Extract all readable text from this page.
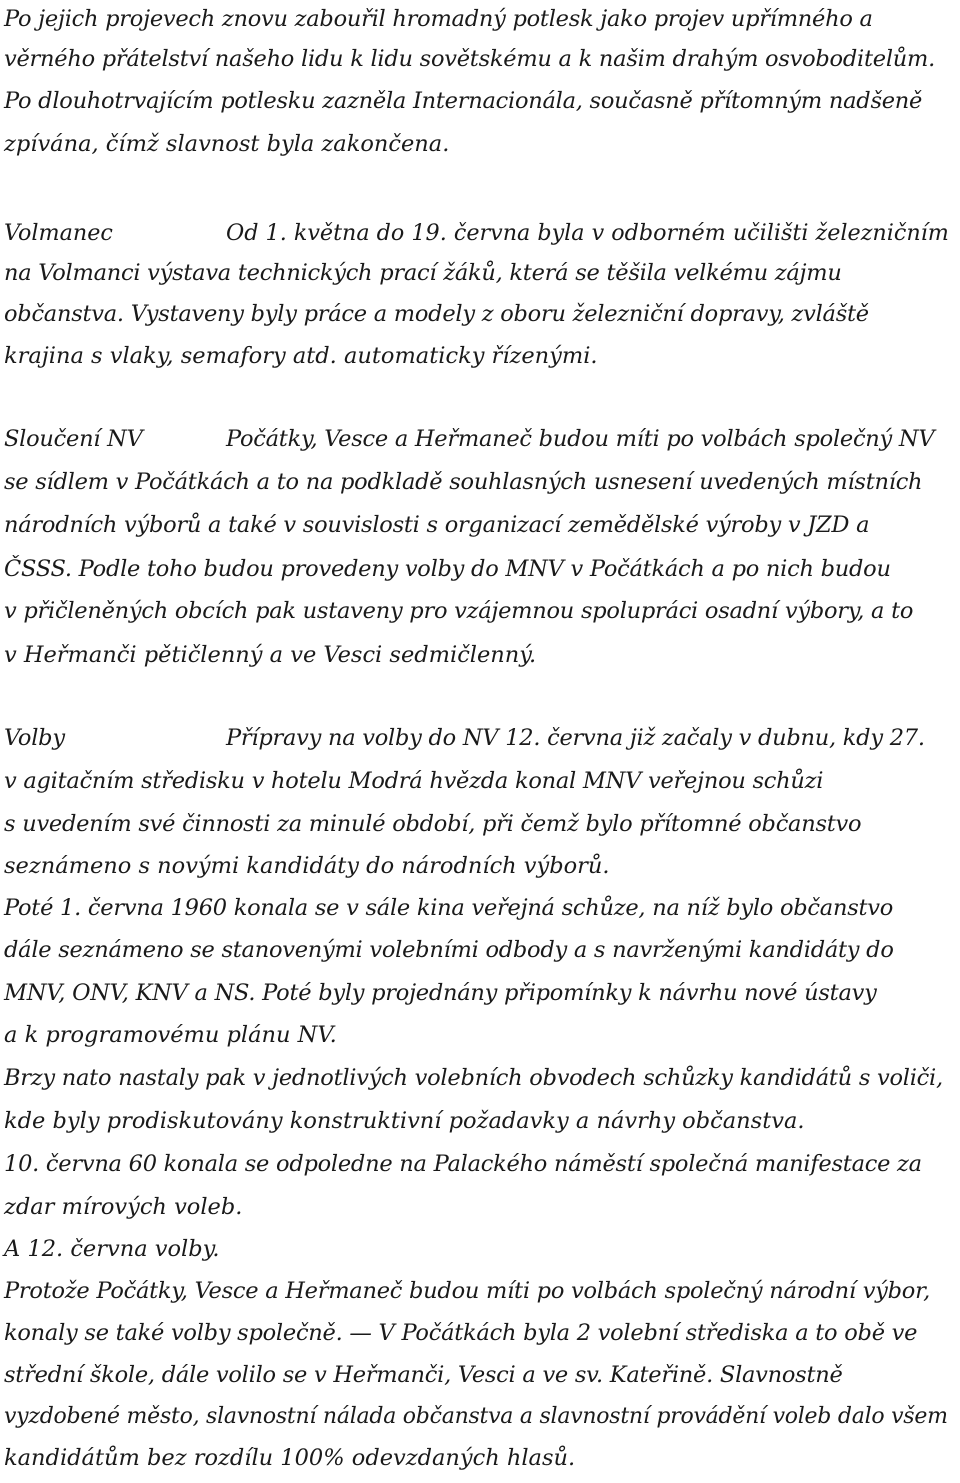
Po jejich projevech znovu zabouřil hromadný potlesk jako projev upřímného a
věrného přátelství našeho lidu k lidu sovětskému a k našim drahým osvoboditelům.
Po dlouhotrvajícím potlesku zazněla Internacionála, současně přítomným nadšeně
zpívána, čímž slavnost byla zakončena.
Volmanec	Od 1. května do 19. června byla v odborném učilišti železničním
na Volmanci výstava technických prací žáků, která se těšila velkému zájmu
občanstva. Vystaveny byly práce a modely z oboru železniční dopravy, zvláště
krajina s vlaky, semafory atd. automaticky řízenými.
Sloučení NV	Počátky, Vesce a Heřmaneč budou míti po volbách společný NV
se sídlem v Počátkách a to na podkladě souhlasných usnesení uvedených místních
národních výborů a také v souvislosti s organizací zemědělské výroby v JZD a
ČSSS. Podle toho budou provedeny volby do MNV v Počátkách a po nich budou
v přičleněných obcích pak ustaveny pro vzájemnou spolupráci osadní výbory, a to
v Heřmanči pětičlenný a ve Vesci sedmičlenný.
Volby	Přípravy na volby do NV 12. června již začaly v dubnu, kdy 27.
v agitačním středisku v hotelu Modrá hvězda konal MNV veřejnou schůzi
s uvedením své činnosti za minulé období, při čemž bylo přítomné občanstvo
seznámeno s novými kandidáty do národních výborů.
Poté 1. června 1960 konala se v sále kina veřejná schůze, na níž bylo občanstvo
dále seznámeno se stanovenými volebními odbody a s navrženými kandidáty do
MNV, ONV, KNV a NS. Poté byly projednány připomínky k návrhu nové ústavy
a k programovému plánu NV.
Brzy nato nastaly pak v jednotlivých volebních obvodech schůzky kandidátů s voliči,
kde byly prodiskutovány konstruktivní požadavky a návrhy občanstva.
10. června 60 konala se odpoledne na Palackého náměstí společná manifestace za
zdar mírových voleb.
A 12. června volby.
Protože Počátky, Vesce a Heřmaneč budou míti po volbách společný národní výbor,
konaly se také volby společně. — V Počátkách byla 2 volební střediska a to obě ve
střední škole, dále volilo se v Heřmanči, Vesci a ve sv. Kateřině. Slavnostně
vyzdobené město, slavnostní nálada občanstva a slavnostní provádění voleb dalo všem
kandidátům bez rozdílu 100% odevzdaných hlasů.
